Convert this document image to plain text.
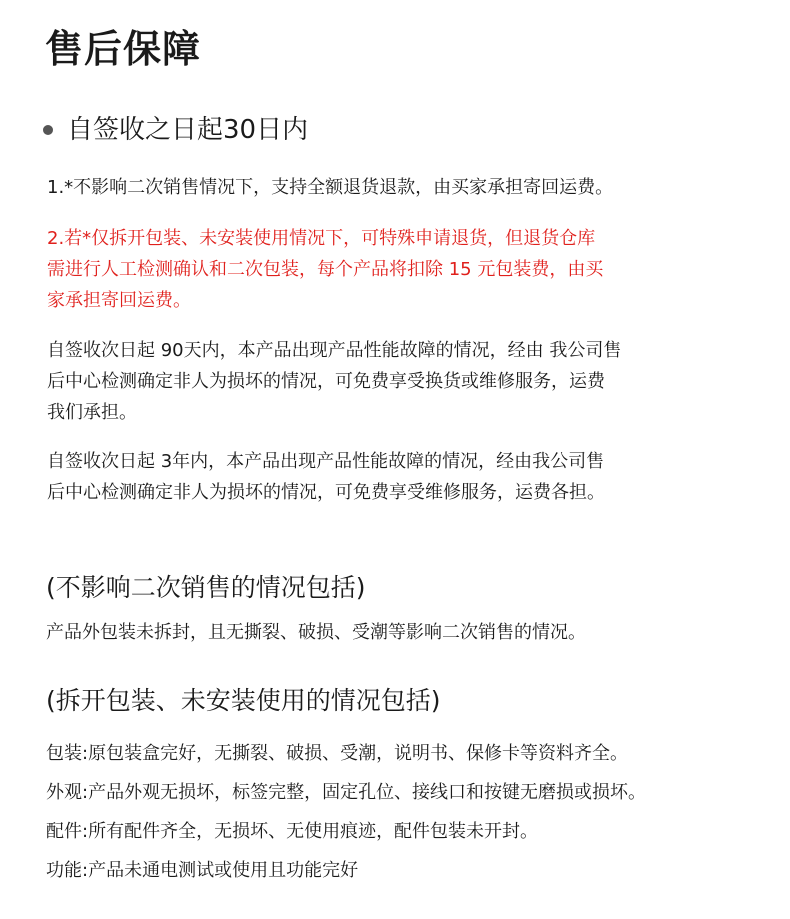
售后保障
自签收之日起30日内
1.*不影响二次销售情况下，支持全额退货退款，由买家承担寄回运费。
2.若*仅拆开包装、未安装使用情况下，可特殊申请退货，但退货仓库
需进行人工检测确认和二次包装，每个产品将扣除 15 元包装费，由买
家承担寄回运费。
自签收次日起 90天内，本产品出现产品性能故障的情况，经由 我公司售
后中心检测确定非人为损坏的情况，可免费享受换货或维修服务，运费
我们承担。
自签收次日起 3年内，本产品出现产品性能故障的情况，经由我公司售
后中心检测确定非人为损坏的情况，可免费享受维修服务，运费各担。
(不影响二次销售的情况包括)
产品外包装未拆封，且无撕裂、破损、受潮等影响二次销售的情况。
(拆开包装、未安装使用的情况包括)
包装:原包装盒完好，无撕裂、破损、受潮，说明书、保修卡等资料齐全。
外观:产品外观无损坏，标签完整，固定孔位、接线口和按键无磨损或损坏。
配件:所有配件齐全，无损坏、无使用痕迹，配件包装未开封。
功能:产品未通电测试或使用且功能完好
